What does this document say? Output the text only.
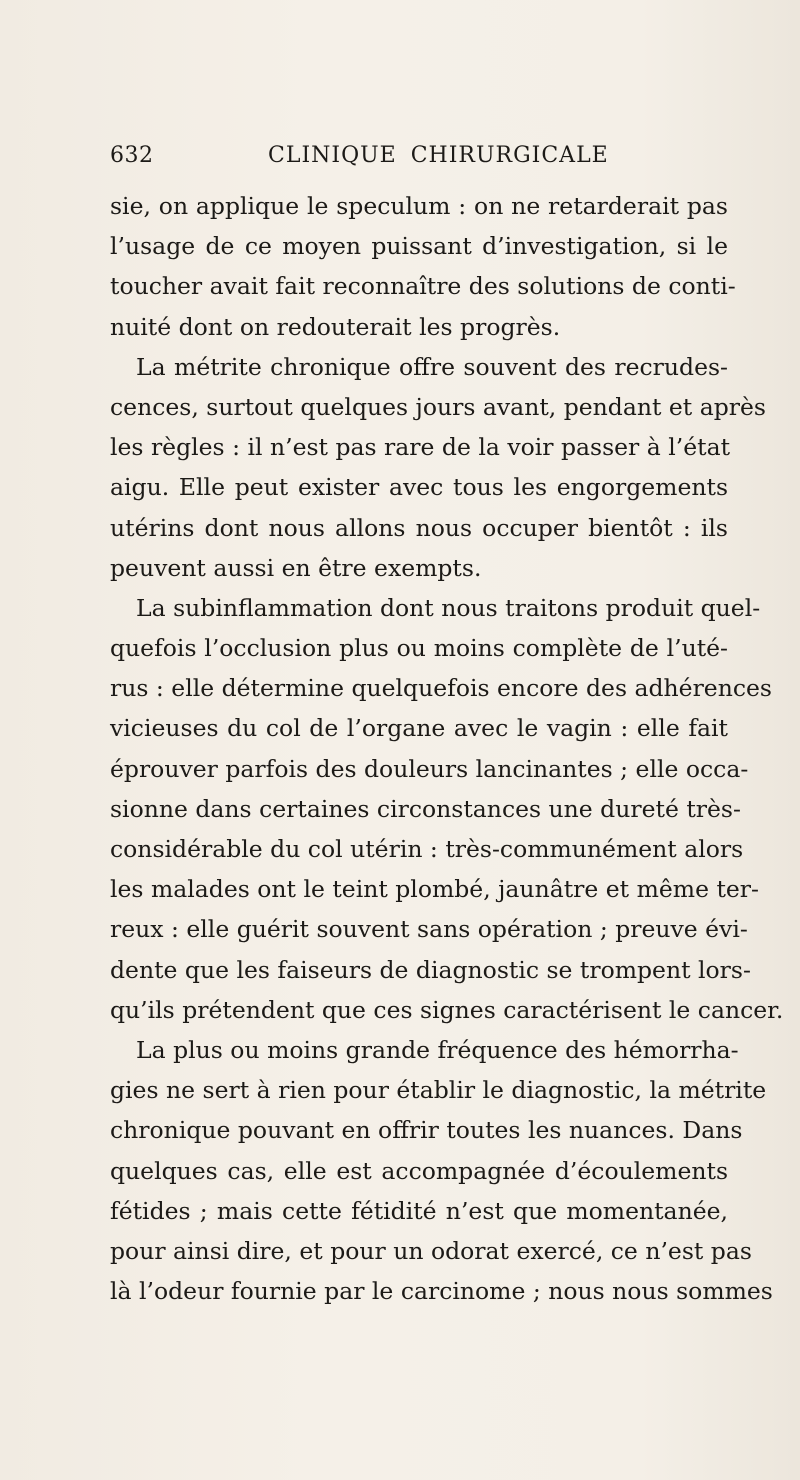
632	CLINIQUE CHIRURGICALE
sie, on applique le speculum : on ne retarderait pas
l’usage de ce moyen puissant d’investigation, si le
toucher avait fait reconnaître des solutions de conti-
nuité dont on redouterait les progrès.
La métrite chronique offre souvent des recrudes-
cences, surtout quelques jours avant, pendant et après
les règles : il n’est pas rare de la voir passer à l’état
aigu. Elle peut exister avec tous les engorgements
utérins dont nous allons nous occuper bientôt : ils
peuvent aussi en être exempts.
La subinflammation dont nous traitons produit quel-
quefois l’occlusion plus ou moins complète de l’uté-
rus : elle détermine quelquefois encore des adhérences
vicieuses du col de l’organe avec le vagin : elle fait
éprouver parfois des douleurs lancinantes ; elle occa-
sionne dans certaines circonstances une dureté très-
considérable du col utérin : très-communément alors
les malades ont le teint plombé, jaunâtre et même ter-
reux : elle guérit souvent sans opération ; preuve évi-
dente que les faiseurs de diagnostic se trompent lors-
qu’ils prétendent que ces signes caractérisent le cancer.
La plus ou moins grande fréquence des hémorrha-
gies ne sert à rien pour établir le diagnostic, la métrite
chronique pouvant en offrir toutes les nuances. Dans
quelques cas, elle est accompagnée d’écoulements
fétides ; mais cette fétidité n’est que momentanée,
pour ainsi dire, et pour un odorat exercé, ce n’est pas
là l’odeur fournie par le carcinome ; nous nous sommes
